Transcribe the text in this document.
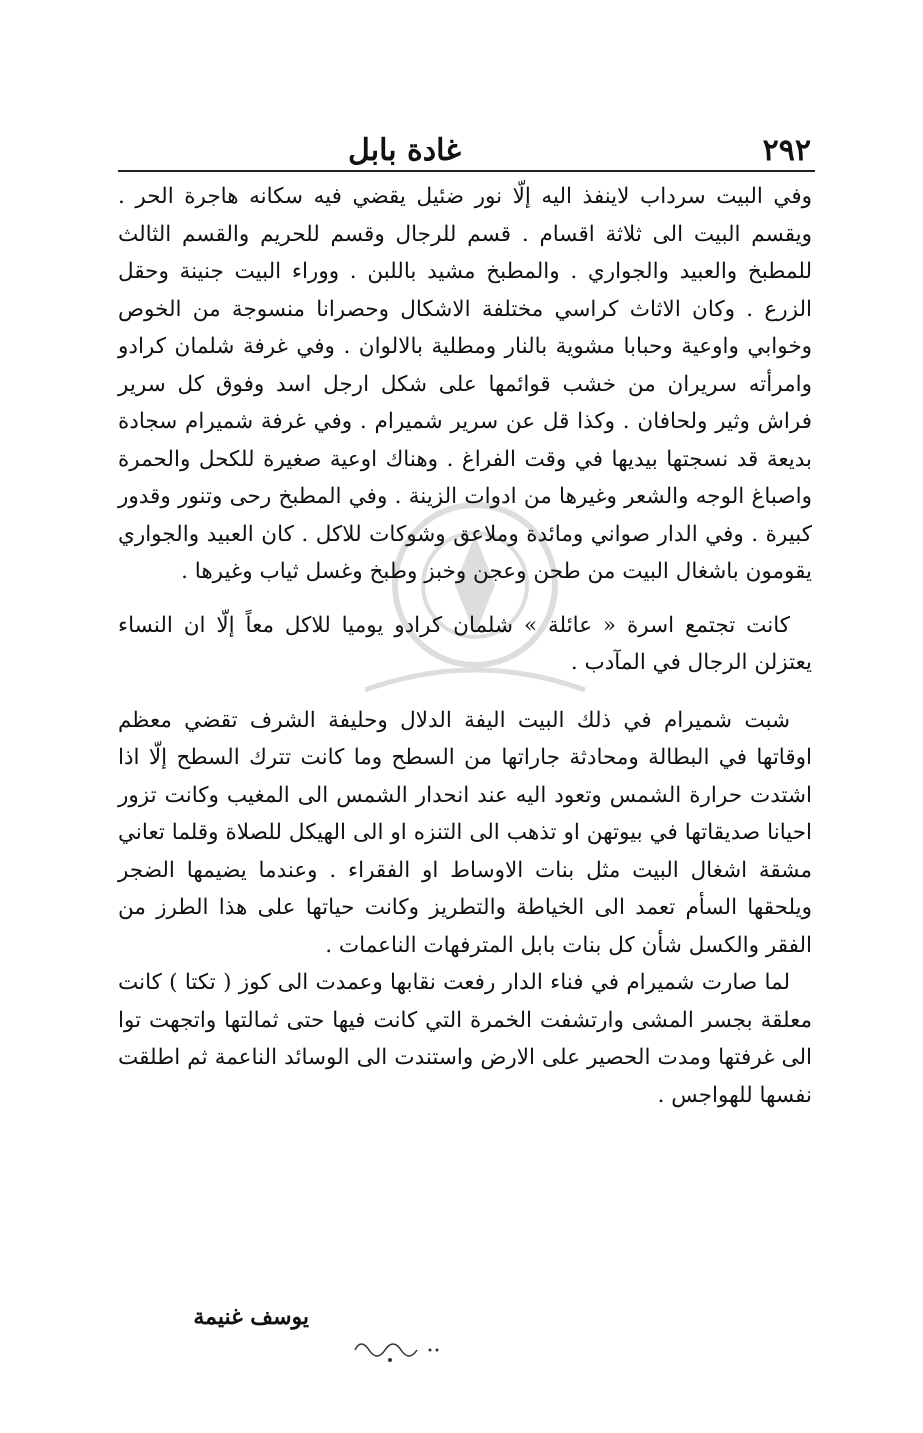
٢٩٢
غادة بابل

وفي البيت سرداب لاينفذ اليه إلّا نور ضئيل يقضي فيه سكانه هاجرة الحر . ويقسم البيت الى ثلاثة اقسام . قسم للرجال وقسم للحريم والقسم الثالث للمطبخ والعبيد والجواري . والمطبخ مشيد باللبن . ووراء البيت جنينة وحقل الزرع . وكان الاثاث كراسي مختلفة الاشكال وحصرانا منسوجة من الخوص وخوابي واوعية وحبابا مشوية بالنار ومطلية بالالوان . وفي غرفة شلمان كرادو وامرأته سريران من خشب قوائمها على شكل ارجل اسد وفوق كل سرير فراش وثير ولحافان . وكذا قل عن سرير شميرام . وفي غرفة شميرام سجادة بديعة قد نسجتها بيديها في وقت الفراغ . وهناك اوعية صغيرة للكحل والحمرة واصباغ الوجه والشعر وغيرها من ادوات الزينة . وفي المطبخ رحى وتنور وقدور كبيرة . وفي الدار صواني ومائدة وملاعق وشوكات للاكل . كان العبيد والجواري يقومون باشغال البيت من طحن وعجن وخبز وطبخ وغسل ثياب وغيرها .

كانت تجتمع اسرة « عائلة » شلمان كرادو يوميا للاكل معاً إلّا ان النساء يعتزلن الرجال في المآدب .

شبت شميرام في ذلك البيت اليفة الدلال وحليفة الشرف تقضي معظم اوقاتها في البطالة ومحادثة جاراتها من السطح وما كانت تترك السطح إلّا اذا اشتدت حرارة الشمس وتعود اليه عند انحدار الشمس الى المغيب وكانت تزور احيانا صديقاتها في بيوتهن او تذهب الى التنزه او الى الهيكل للصلاة وقلما تعاني مشقة اشغال البيت مثل بنات الاوساط او الفقراء . وعندما يضيمها الضجر ويلحقها السأم تعمد الى الخياطة والتطريز وكانت حياتها على هذا الطرز من الفقر والكسل شأن كل بنات بابل المترفهات الناعمات .

لما صارت شميرام في فناء الدار رفعت نقابها وعمدت الى كوز ( تكتا ) كانت معلقة بجسر المشى وارتشفت الخمرة التي كانت فيها حتى ثمالتها واتجهت توا الى غرفتها ومدت الحصير على الارض واستندت الى الوسائد الناعمة ثم اطلقت نفسها للهواجس .

يوسف غنيمة
